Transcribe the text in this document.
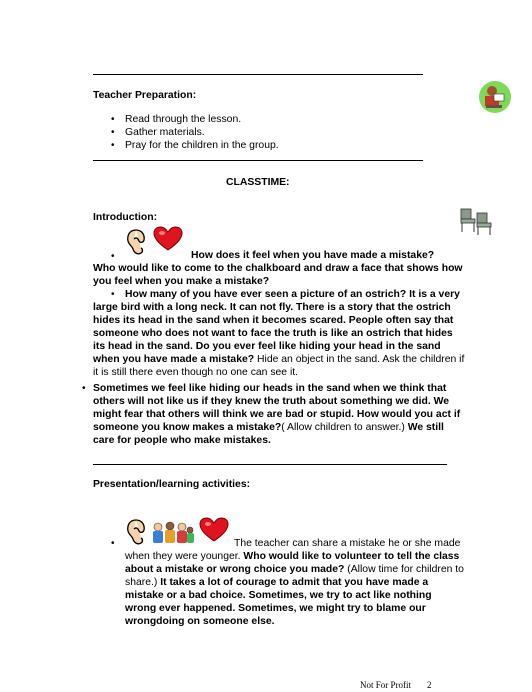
Teacher Preparation:
• Read through the lesson.
• Gather materials.
• Pray for the children in the group.
CLASSTIME:
Introduction:
•	How does it feel when you have made a mistake?
Who would like to come to the chalkboard and draw a face that shows how
you feel when you make a mistake?
• How many of you have ever seen a picture of an ostrich? It is a very
large bird with a long neck. It can not fly. There is a story that the ostrich
hides its head in the sand when it becomes scared. People often say that
someone who does not want to face the truth is like an ostrich that hides
its head in the sand. Do you ever feel like hiding your head in the sand
when you have made a mistake? Hide an object in the sand. Ask the children if
it is still there even though no one can see it.
• Sometimes we feel like hiding our heads in the sand when we think that
others will not like us if they knew the truth about something we did. We
might fear that others will think we are bad or stupid. How would you act if
someone you know makes a mistake?( Allow children to answer.) We still
care for people who make mistakes.
Presentation/learning activities:
•	The teacher can share a mistake he or she made
when they were younger. Who would like to volunteer to tell the class
about a mistake or wrong choice you made? (Allow time for children to
share.) It takes a lot of courage to admit that you have made a
mistake or a bad choice. Sometimes, we try to act like nothing
wrong ever happened. Sometimes, we might try to blame our
wrongdoing on someone else.
Not For Profit 2
